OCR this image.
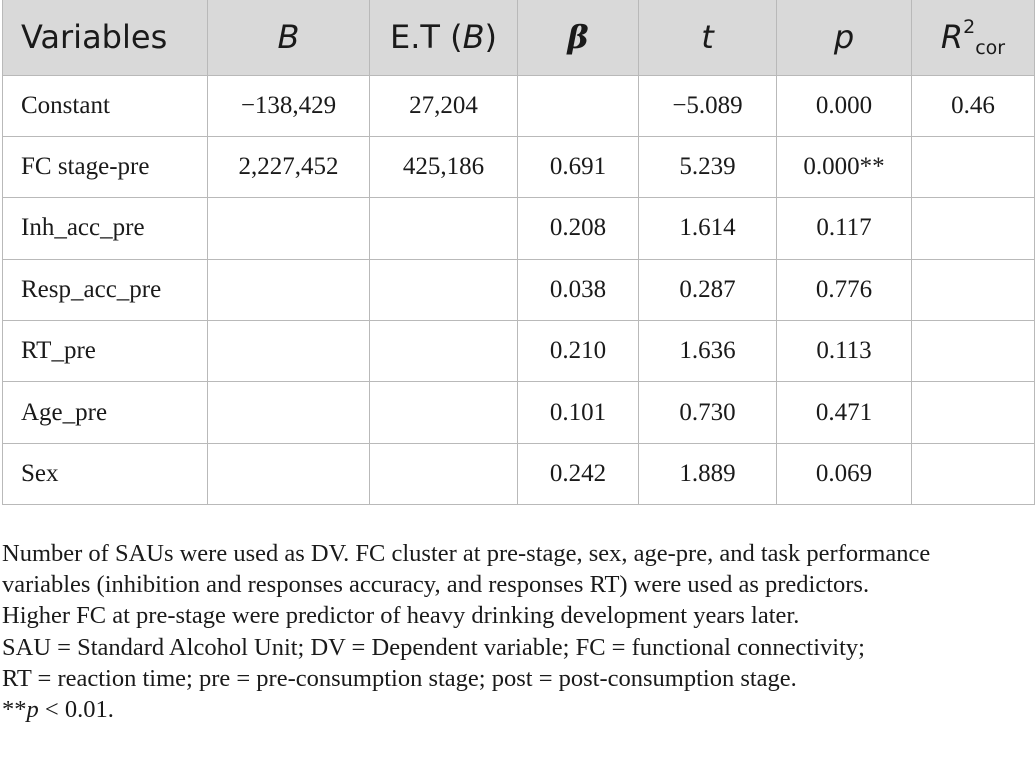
Variables	B	E.T (B)	β	t	p	$R^2_{cor}$
Constant	−138,429	27,204		−5.089	0.000	0.46
FC stage-pre	2,227,452	425,186	0.691	5.239	0.000**	
Inh_acc_pre			0.208	1.614	0.117	
Resp_acc_pre			0.038	0.287	0.776	
RT_pre			0.210	1.636	0.113	
Age_pre			0.101	0.730	0.471	
Sex			0.242	1.889	0.069	

Number of SAUs were used as DV. FC cluster at pre-stage, sex, age-pre, and task performance

variables (inhibition and responses accuracy, and responses RT) were used as predictors.

Higher FC at pre-stage were predictor of heavy drinking development years later.

SAU = Standard Alcohol Unit; DV = Dependent variable; FC = functional connectivity;

RT = reaction time; pre = pre-consumption stage; post = post-consumption stage.

**p < 0.01.
